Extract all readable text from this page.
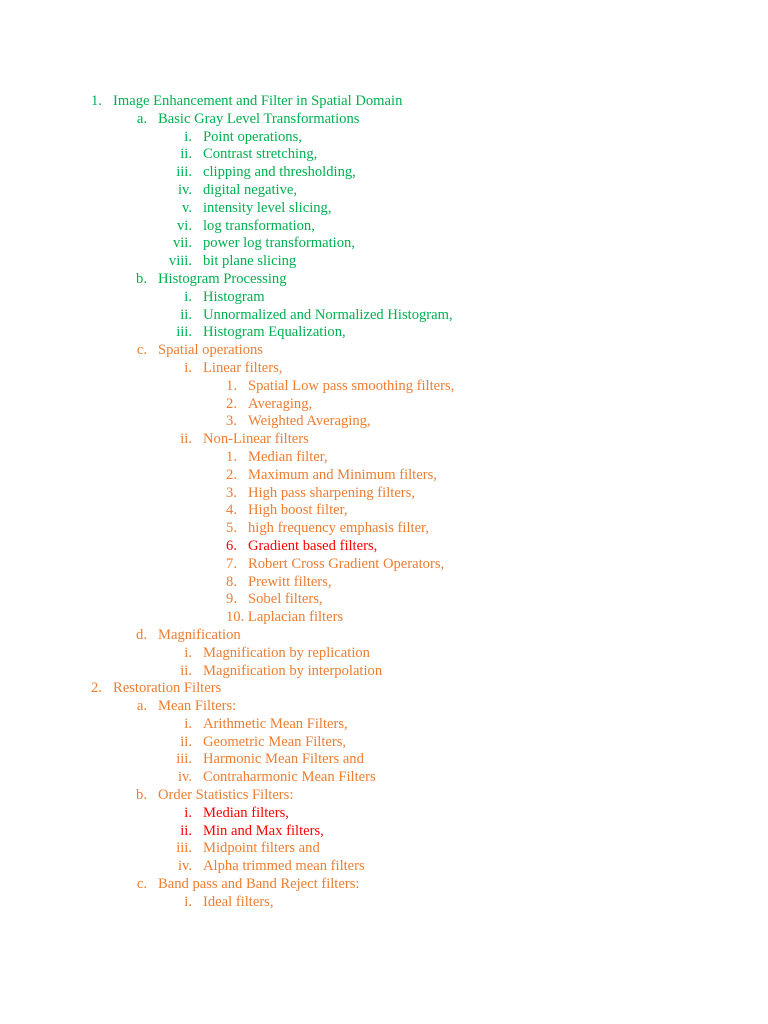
1. Image Enhancement and Filter in Spatial Domain
a. Basic Gray Level Transformations
i. Point operations,
ii. Contrast stretching,
iii. clipping and thresholding,
iv. digital negative,
v. intensity level slicing,
vi. log transformation,
vii. power log transformation,
viii. bit plane slicing
b. Histogram Processing
i. Histogram
ii. Unnormalized and Normalized Histogram,
iii. Histogram Equalization,
c. Spatial operations
i. Linear filters,
1. Spatial Low pass smoothing filters,
2. Averaging,
3. Weighted Averaging,
ii. Non-Linear filters
1. Median filter,
2. Maximum and Minimum filters,
3. High pass sharpening filters,
4. High boost filter,
5. high frequency emphasis filter,
6. Gradient based filters,
7. Robert Cross Gradient Operators,
8. Prewitt filters,
9. Sobel filters,
10. Laplacian filters
d. Magnification
i. Magnification by replication
ii. Magnification by interpolation
2. Restoration Filters
a. Mean Filters:
i. Arithmetic Mean Filters,
ii. Geometric Mean Filters,
iii. Harmonic Mean Filters and
iv. Contraharmonic Mean Filters
b. Order Statistics Filters:
i. Median filters,
ii. Min and Max filters,
iii. Midpoint filters and
iv. Alpha trimmed mean filters
c. Band pass and Band Reject filters:
i. Ideal filters,
